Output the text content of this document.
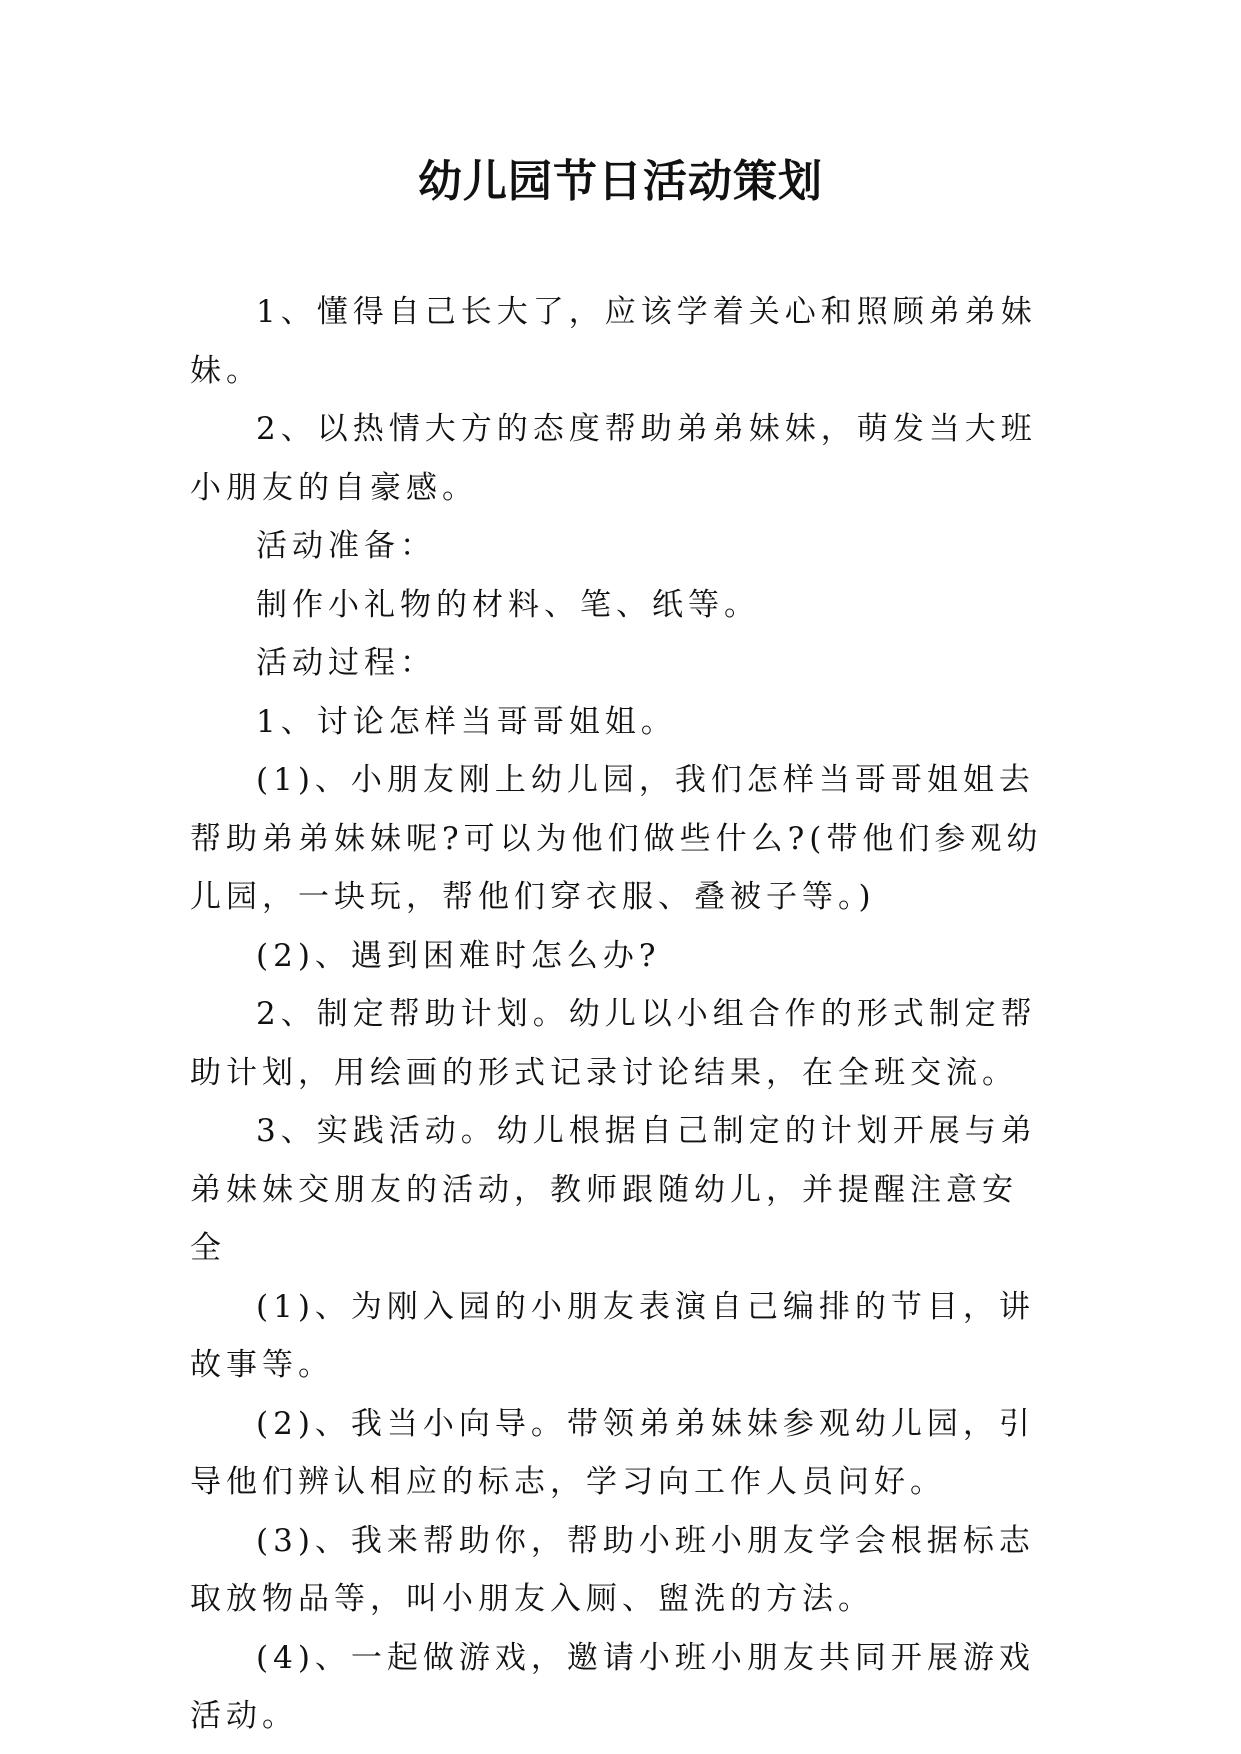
幼儿园节日活动策划

1、懂得自己长大了，应该学着关心和照顾弟弟妹妹。

2、以热情大方的态度帮助弟弟妹妹，萌发当大班小朋友的自豪感。

活动准备：

制作小礼物的材料、笔、纸等。

活动过程：

1、讨论怎样当哥哥姐姐。

(1)、小朋友刚上幼儿园，我们怎样当哥哥姐姐去帮助弟弟妹妹呢?可以为他们做些什么?(带他们参观幼儿园，一块玩，帮他们穿衣服、叠被子等。)

(2)、遇到困难时怎么办?

2、制定帮助计划。幼儿以小组合作的形式制定帮助计划，用绘画的形式记录讨论结果，在全班交流。

3、实践活动。幼儿根据自己制定的计划开展与弟弟妹妹交朋友的活动，教师跟随幼儿，并提醒注意安全

(1)、为刚入园的小朋友表演自己编排的节目，讲故事等。

(2)、我当小向导。带领弟弟妹妹参观幼儿园，引导他们辨认相应的标志，学习向工作人员问好。

(3)、我来帮助你，帮助小班小朋友学会根据标志取放物品等，叫小朋友入厕、盥洗的方法。

(4)、一起做游戏，邀请小班小朋友共同开展游戏活动。
